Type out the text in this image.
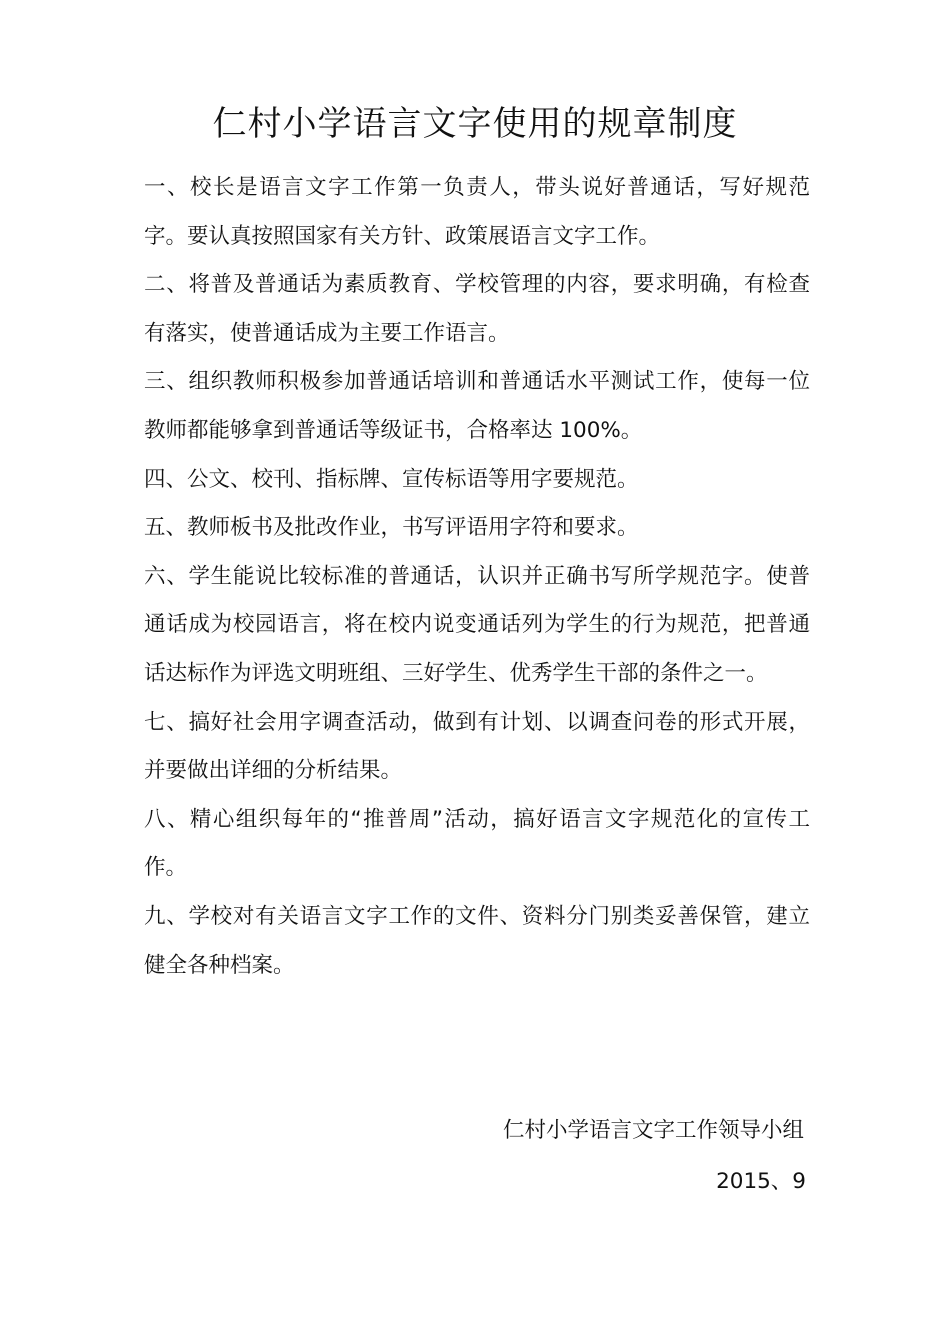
仁村小学语言文字使用的规章制度

一、校长是语言文字工作第一负责人，带头说好普通话，写好规范字。要认真按照国家有关方针、政策展语言文字工作。

二、将普及普通话为素质教育、学校管理的内容，要求明确，有检查有落实，使普通话成为主要工作语言。

三、组织教师积极参加普通话培训和普通话水平测试工作，使每一位教师都能够拿到普通话等级证书，合格率达 100%。

四、公文、校刊、指标牌、宣传标语等用字要规范。

五、教师板书及批改作业，书写评语用字符和要求。

六、学生能说比较标准的普通话，认识并正确书写所学规范字。使普通话成为校园语言，将在校内说变通话列为学生的行为规范，把普通话达标作为评选文明班组、三好学生、优秀学生干部的条件之一。

七、搞好社会用字调查活动，做到有计划、以调查问卷的形式开展，并要做出详细的分析结果。

八、精心组织每年的“推普周”活动，搞好语言文字规范化的宣传工作。

九、学校对有关语言文字工作的文件、资料分门别类妥善保管，建立健全各种档案。

仁村小学语言文字工作领导小组
2015、9
